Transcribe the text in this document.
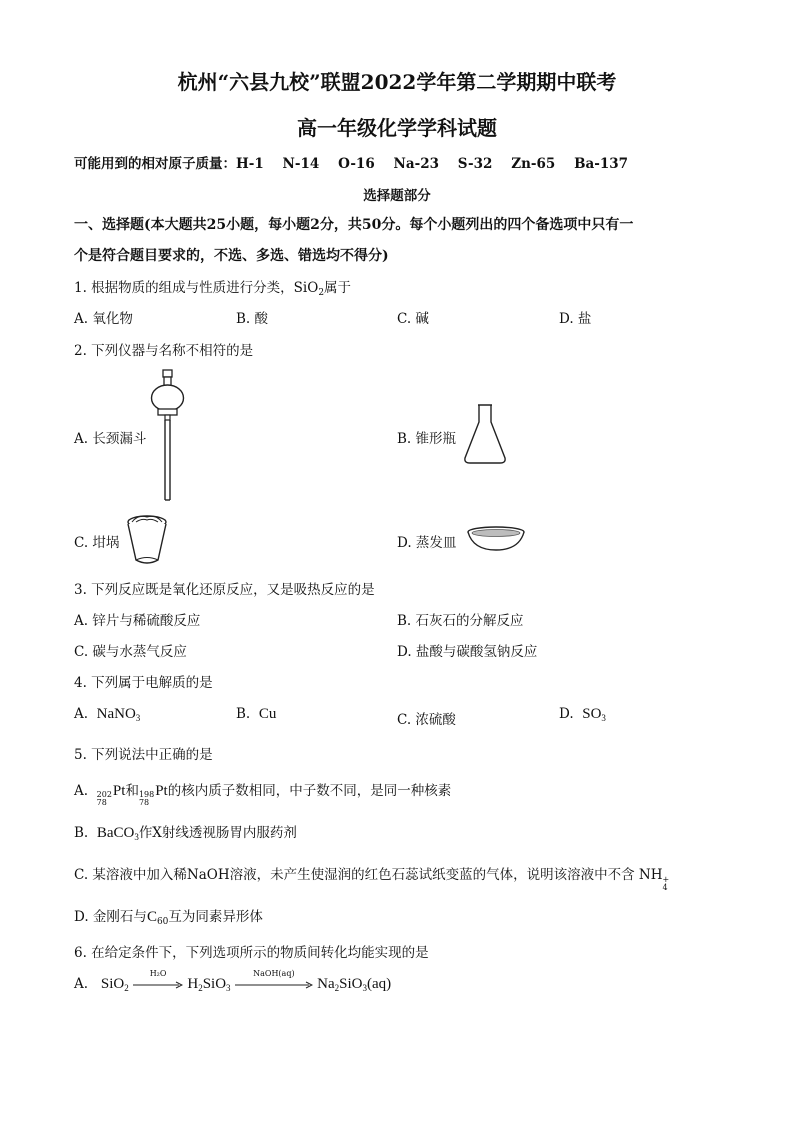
杭州“六县九校”联盟2022学年第二学期期中联考
高一年级化学学科试题
可能用到的相对原子质量：H-1    N-14    O-16    Na-23    S-32    Zn-65    Ba-137
选择题部分
一、选择题(本大题共25小题，每小题2分，共50分。每个小题列出的四个备选项中只有一
个是符合题目要求的，不选、多选、错选均不得分)
1. 根据物质的组成与性质进行分类，SiO$_2$属于
A. 氧化物	B. 酸	C. 碱	D. 盐
2. 下列仪器与名称不相符的是
A. 长颈漏斗	B. 锥形瓶
C. 坩埚	D. 蒸发皿
3. 下列反应既是氧化还原反应，又是吸热反应的是
A. 锌片与稀硫酸反应	B. 石灰石的分解反应
C. 碳与水蒸气反应	D. 盐酸与碳酸氢钠反应
4. 下列属于电解质的是
A. NaNO$_3$	B. Cu	C. 浓硫酸	D. $SO_3$
5. 下列说法中正确的是
A. 202
78
Pt和 198
78
Pt的核内质子数相同，中子数不同，是同一种核素
B. BaCO$_3$作X射线透视肠胃内服药剂
C. 某溶液中加入稀NaOH溶液，未产生使湿润的红色石蕊试纸变蓝的气体，说明该溶液中不含 NH +
4
D. 金刚石与$C_{60}$互为同素异形体
6. 在给定条件下，下列选项所示的物质间转化均能实现的是
A. SiO$_2$
H₂O
$H_2SiO_3$
NaOH(aq)
$Na_2SiO_3(aq)$
